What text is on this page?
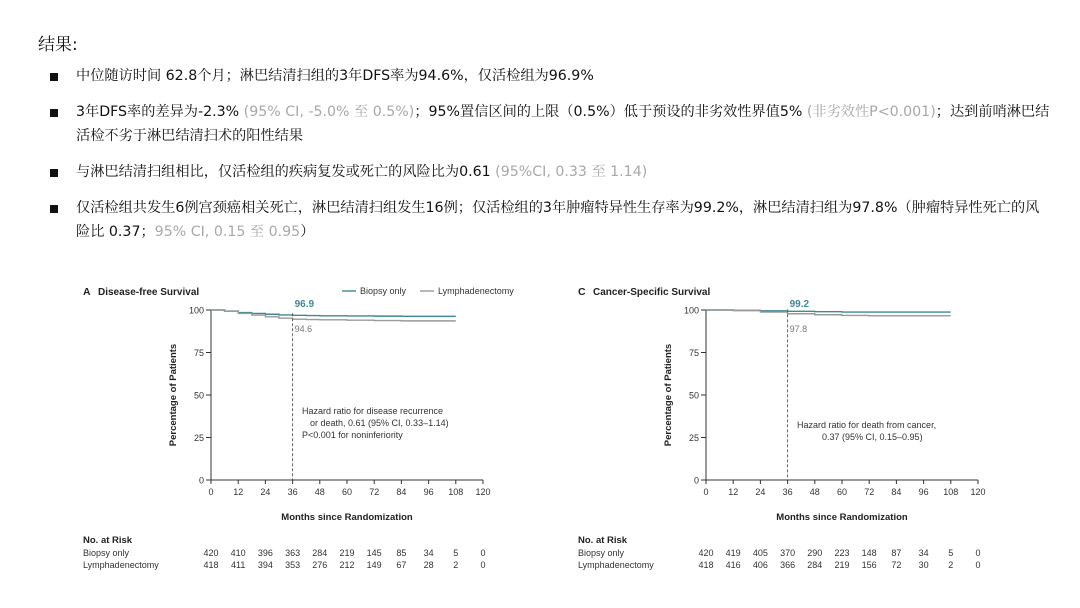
结果:
中位随访时间 62.8个月；淋巴结清扫组的3年DFS率为94.6%，仅活检组为96.9%
3年DFS率的差异为-2.3% (95% CI, -5.0% 至 0.5%)；95%置信区间的上限（0.5%）低于预设的非劣效性界值5% (非劣效性P<0.001)；达到前哨淋巴结活检不劣于淋巴结清扫术的阳性结果
与淋巴结清扫组相比，仅活检组的疾病复发或死亡的风险比为0.61 (95%CI, 0.33 至 1.14)
仅活检组共发生6例宫颈癌相关死亡，淋巴结清扫组发生16例；仅活检组的3年肿瘤特异性生存率为99.2%，淋巴结清扫组为97.8%（肿瘤特异性死亡的风险比 0.37；95% CI, 0.15 至 0.95）
A Disease-free Survival	Biopsy only	Lymphadenectomy
0
25
50
75
100
0 12 24 36 48 60 72 84 96 108 120
Months since Randomization
Percentage of Patients
96.9
94.6
Hazard ratio for disease recurrence
or death, 0.61 (95% CI, 0.33–1.14)
P<0.001 for noninferiority
No. at Risk
Biopsy only	420 410 396 363 284 219 145 85 34 5 0
Lymphadenectomy	418 411 394 353 276 212 149 67 28 2 0
C Cancer-Specific Survival
0
25
50
75
100
0 12 24 36 48 60 72 84 96 108 120
Months since Randomization
Percentage of Patients
99.2
97.8
Hazard ratio for death from cancer,
0.37 (95% CI, 0.15–0.95)
No. at Risk
Biopsy only	420 419 405 370 290 223 148 87 34 5 0
Lymphadenectomy	418 416 406 366 284 219 156 72 30 2 0
